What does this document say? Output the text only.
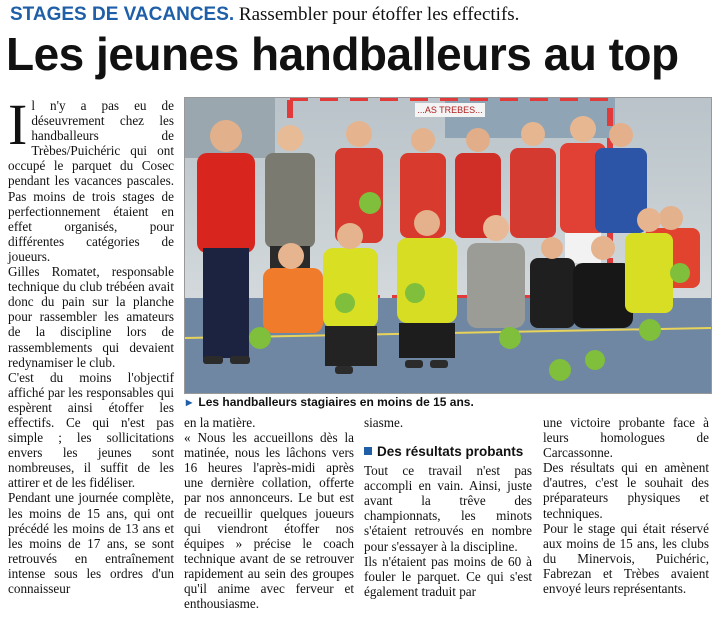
STAGES DE VACANCES. Rassembler pour étoffer les effectifs.
Les jeunes handballeurs au top
I l n'y a pas eu de déseuvrement chez les handballeurs de Trèbes/Puichéric qui ont occupé le parquet du Cosec pendant les vacances pascales. Pas moins de trois stages de perfectionnement étaient en effet organisés, pour différentes catégories de joueurs.

Gilles Romatet, responsable technique du club trébéen avait donc du pain sur la planche pour rassembler les amateurs de la discipline lors de rassemblements qui devaient redynamiser le club.

C'est du moins l'objectif affiché par les responsables qui espèrent ainsi étoffer les effectifs. Ce qui n'est pas simple ; les sollicitations envers les jeunes sont nombreuses, il suffit de les attirer et de les fidéliser.

Pendant une journée complète, les moins de 15 ans, qui ont précédé les moins de 13 ans et les moins de 17 ans, se sont retrouvés en entraînement intense sous les ordres d'un connaisseur

...AS TREBES...
▸ Les handballeurs stagiaires en moins de 15 ans.

en la matière.

« Nous les accueillons dès la matinée, nous les lâchons vers 16 heures l'après-midi après une dernière collation, offerte par nos annonceurs. Le but est de recueillir quelques joueurs qui viendront étoffer nos équipes » précise le coach technique avant de se retrouver rapidement au sein des groupes qu'il anime avec ferveur et enthousiasme.

siasme.

Des résultats probants

Tout ce travail n'est pas accompli en vain. Ainsi, juste avant la trêve des championnats, les minots s'étaient retrouvés en nombre pour s'essayer à la discipline.

Ils n'étaient pas moins de 60 à fouler le parquet. Ce qui s'est également traduit par

une victoire probante face à leurs homologues de Carcassonne.

Des résultats qui en amènent d'autres, c'est le souhait des préparateurs physiques et techniques.

Pour le stage qui était réservé aux moins de 15 ans, les clubs du Minervois, Puichéric, Fabrezan et Trèbes avaient envoyé leurs représentants.
